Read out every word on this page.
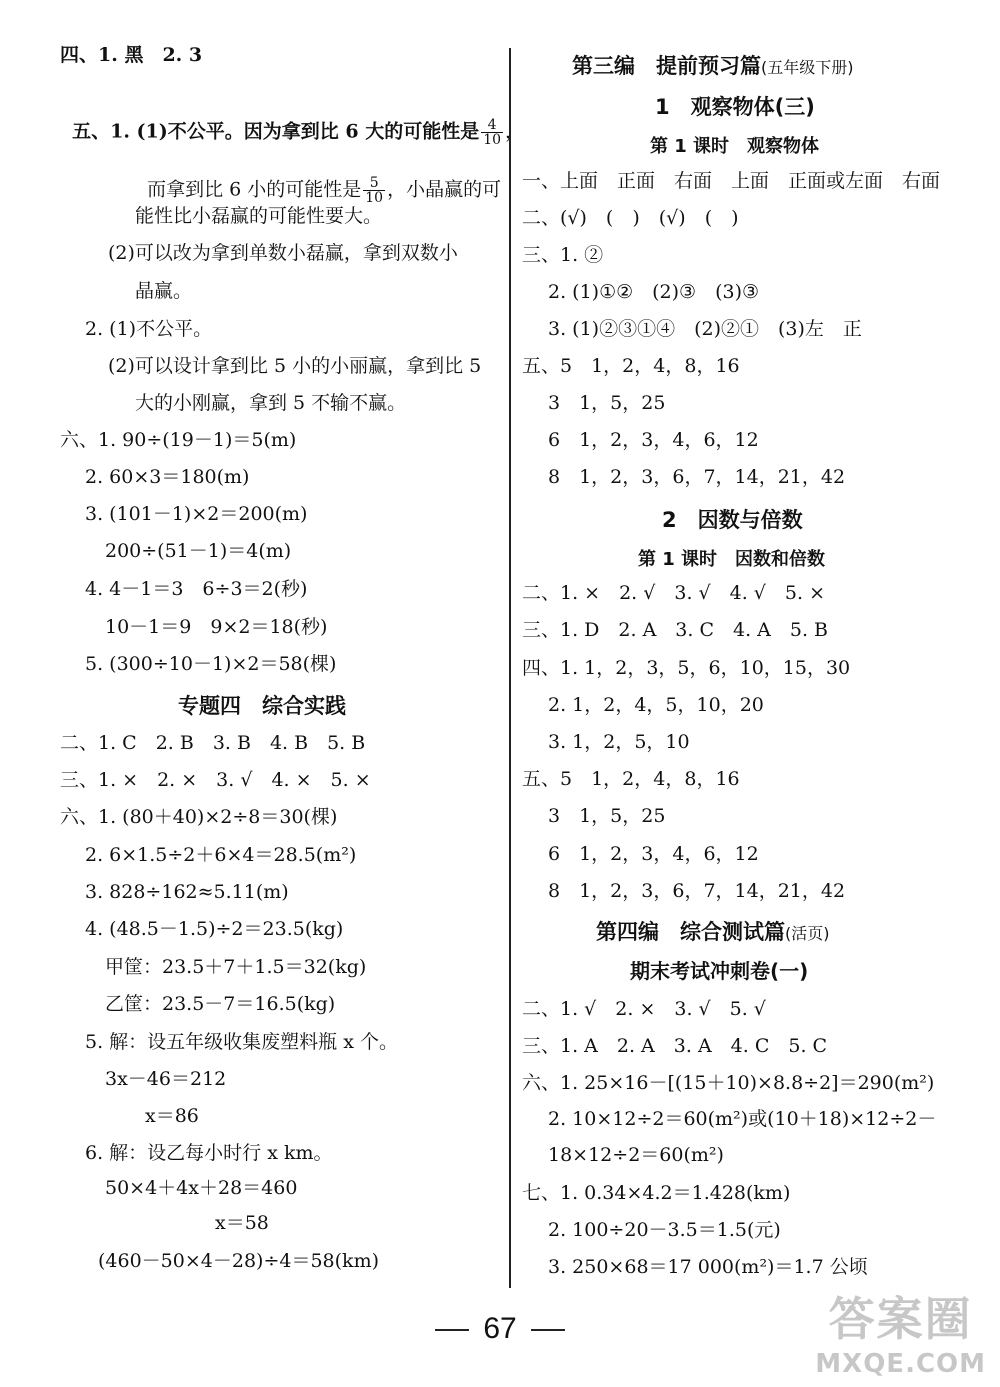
四、1. 黑　2. 3

五、1. (1)不公平。因为拿到比 6 大的可能性是 $\frac{4}{10}$ ，

而拿到比 6 小的可能性是 $\frac{5}{10}$ ，小晶赢的可

能性比小磊赢的可能性要大。
(2)可以改为拿到单数小磊赢，拿到双数小
晶赢。
2. (1)不公平。
(2)可以设计拿到比 5 小的小丽赢，拿到比 5
大的小刚赢，拿到 5 不输不赢。
六、1. 90÷(19－1)＝5(m)
2. 60×3＝180(m)
3. (101－1)×2＝200(m)
200÷(51－1)＝4(m)
4. 4－1＝3　6÷3＝2(秒)
10－1＝9　9×2＝18(秒)
5. (300÷10－1)×2＝58(棵)
专题四　综合实践
二、1. C　2. B　3. B　4. B　5. B
三、1. ×　2. ×　3. √　4. ×　5. ×
六、1. (80＋40)×2÷8＝30(棵)
2. 6×1.5÷2＋6×4＝28.5(m²)
3. 828÷162≈5.11(m)
4. (48.5－1.5)÷2＝23.5(kg)
甲筐：23.5＋7＋1.5＝32(kg)
乙筐：23.5－7＝16.5(kg)
5. 解：设五年级收集废塑料瓶 x 个。
3x－46＝212
x＝86
6. 解：设乙每小时行 x km。
50×4＋4x＋28＝460
x＝58
(460－50×4－28)÷4＝58(km)
第三编　提前预习篇(五年级下册)
1　观察物体(三)
第 1 课时　观察物体
一、上面　正面　右面　上面　正面或左面　右面
二、(√)　(　)　(√)　(　)
三、1. ②
2. (1)①②　(2)③　(3)③
3. (1)②③①④　(2)②①　(3)左　正
五、5　1，2，4，8，16
3　1，5，25
6　1，2，3，4，6，12
8　1，2，3，6，7，14，21，42
2　因数与倍数
第 1 课时　因数和倍数
二、1. ×　2. √　3. √　4. √　5. ×
三、1. D　2. A　3. C　4. A　5. B
四、1. 1，2，3，5，6，10，15，30
2. 1，2，4，5，10，20
3. 1，2，5，10
五、5　1，2，4，8，16
3　1，5，25
6　1，2，3，4，6，12
8　1，2，3，6，7，14，21，42
第四编　综合测试篇(活页)
期末考试冲刺卷(一)
二、1. √　2. ×　3. √　5. √
三、1. A　2. A　3. A　4. C　5. C
六、1. 25×16－[(15＋10)×8.8÷2]＝290(m²)
2. 10×12÷2＝60(m²)或(10＋18)×12÷2－
18×12÷2＝60(m²)
七、1. 0.34×4.2＝1.428(km)
2. 100÷20－3.5＝1.5(元)
3. 250×68＝17 000(m²)＝1.7 公顷
67	答案圈
MXQE.COM
